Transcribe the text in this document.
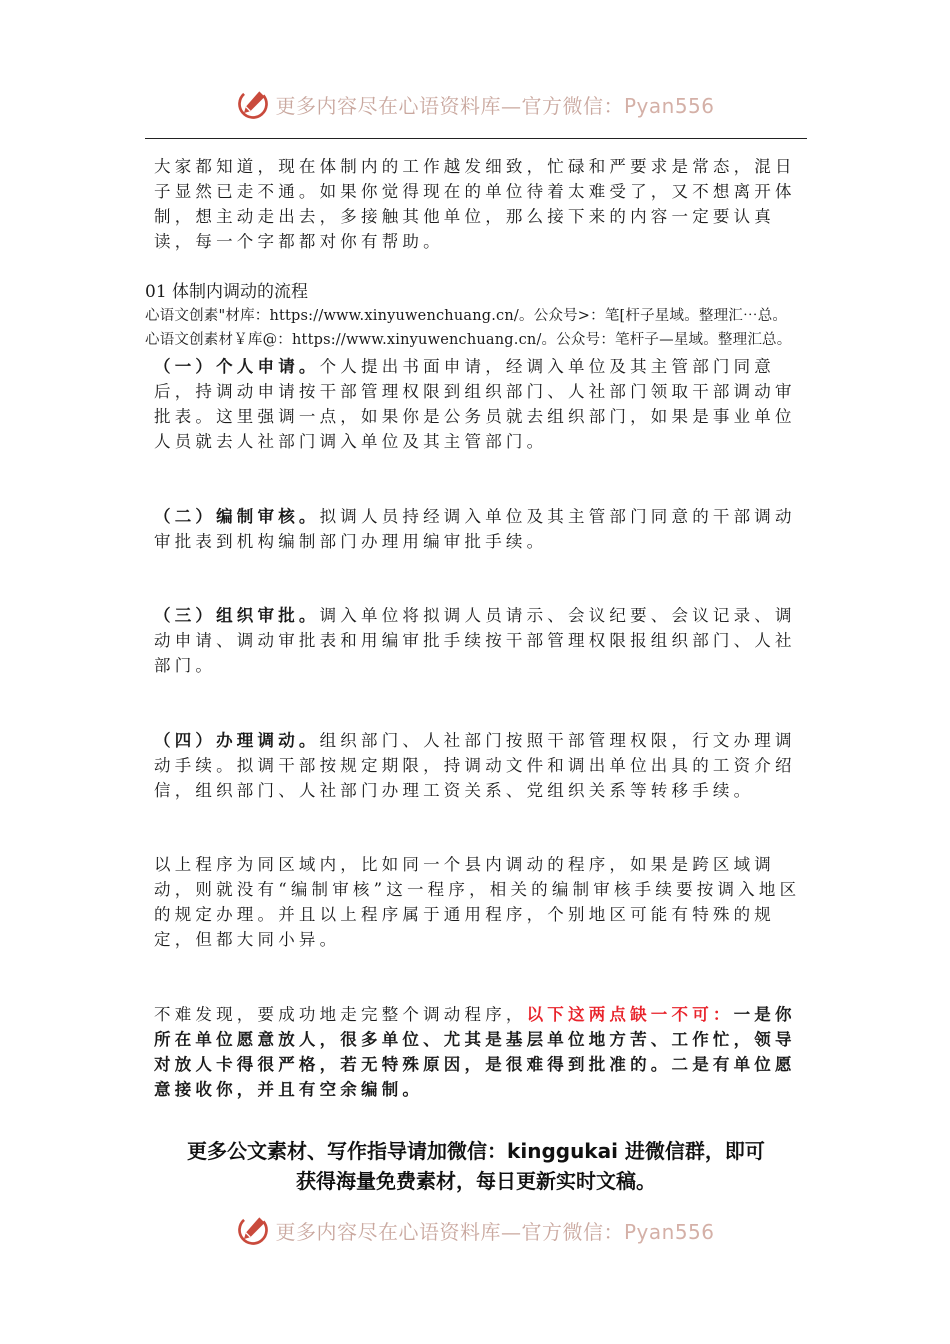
更多内容尽在心语资料库—官方微信：Pyan556
大家都知道，现在体制内的工作越发细致，忙碌和严要求是常态，混日子显然已走不通。如果你觉得现在的单位待着太难受了，又不想离开体制，想主动走出去，多接触其他单位，那么接下来的内容一定要认真读，每一个字都都对你有帮助。
01 体制内调动的流程
心语文创素"材库：https://www.xinyuwenchuang.cn/。公众号>：笔[杆子星域。整理汇⋯总。
心语文创素材￥库@：https://www.xinyuwenchuang.cn/。公众号：笔杆子—星域。整理汇总。
（一）个人申请。个人提出书面申请，经调入单位及其主管部门同意后，持调动申请按干部管理权限到组织部门、人社部门领取干部调动审批表。这里强调一点，如果你是公务员就去组织部门，如果是事业单位人员就去人社部门调入单位及其主管部门。
（二）编制审核。拟调人员持经调入单位及其主管部门同意的干部调动审批表到机构编制部门办理用编审批手续。
（三）组织审批。调入单位将拟调人员请示、会议纪要、会议记录、调动申请、调动审批表和用编审批手续按干部管理权限报组织部门、人社部门。
（四）办理调动。组织部门、人社部门按照干部管理权限，行文办理调动手续。拟调干部按规定期限，持调动文件和调出单位出具的工资介绍信，组织部门、人社部门办理工资关系、党组织关系等转移手续。
以上程序为同区域内，比如同一个县内调动的程序，如果是跨区域调动，则就没有“编制审核”这一程序，相关的编制审核手续要按调入地区的规定办理。并且以上程序属于通用程序，个别地区可能有特殊的规定，但都大同小异。
不难发现，要成功地走完整个调动程序，以下这两点缺一不可：一是你所在单位愿意放人，很多单位、尤其是基层单位地方苦、工作忙，领导对放人卡得很严格，若无特殊原因，是很难得到批准的。二是有单位愿意接收你，并且有空余编制。
更多公文素材、写作指导请加微信：kinggukai 进微信群，即可
获得海量免费素材，每日更新实时文稿。
更多内容尽在心语资料库—官方微信：Pyan556
